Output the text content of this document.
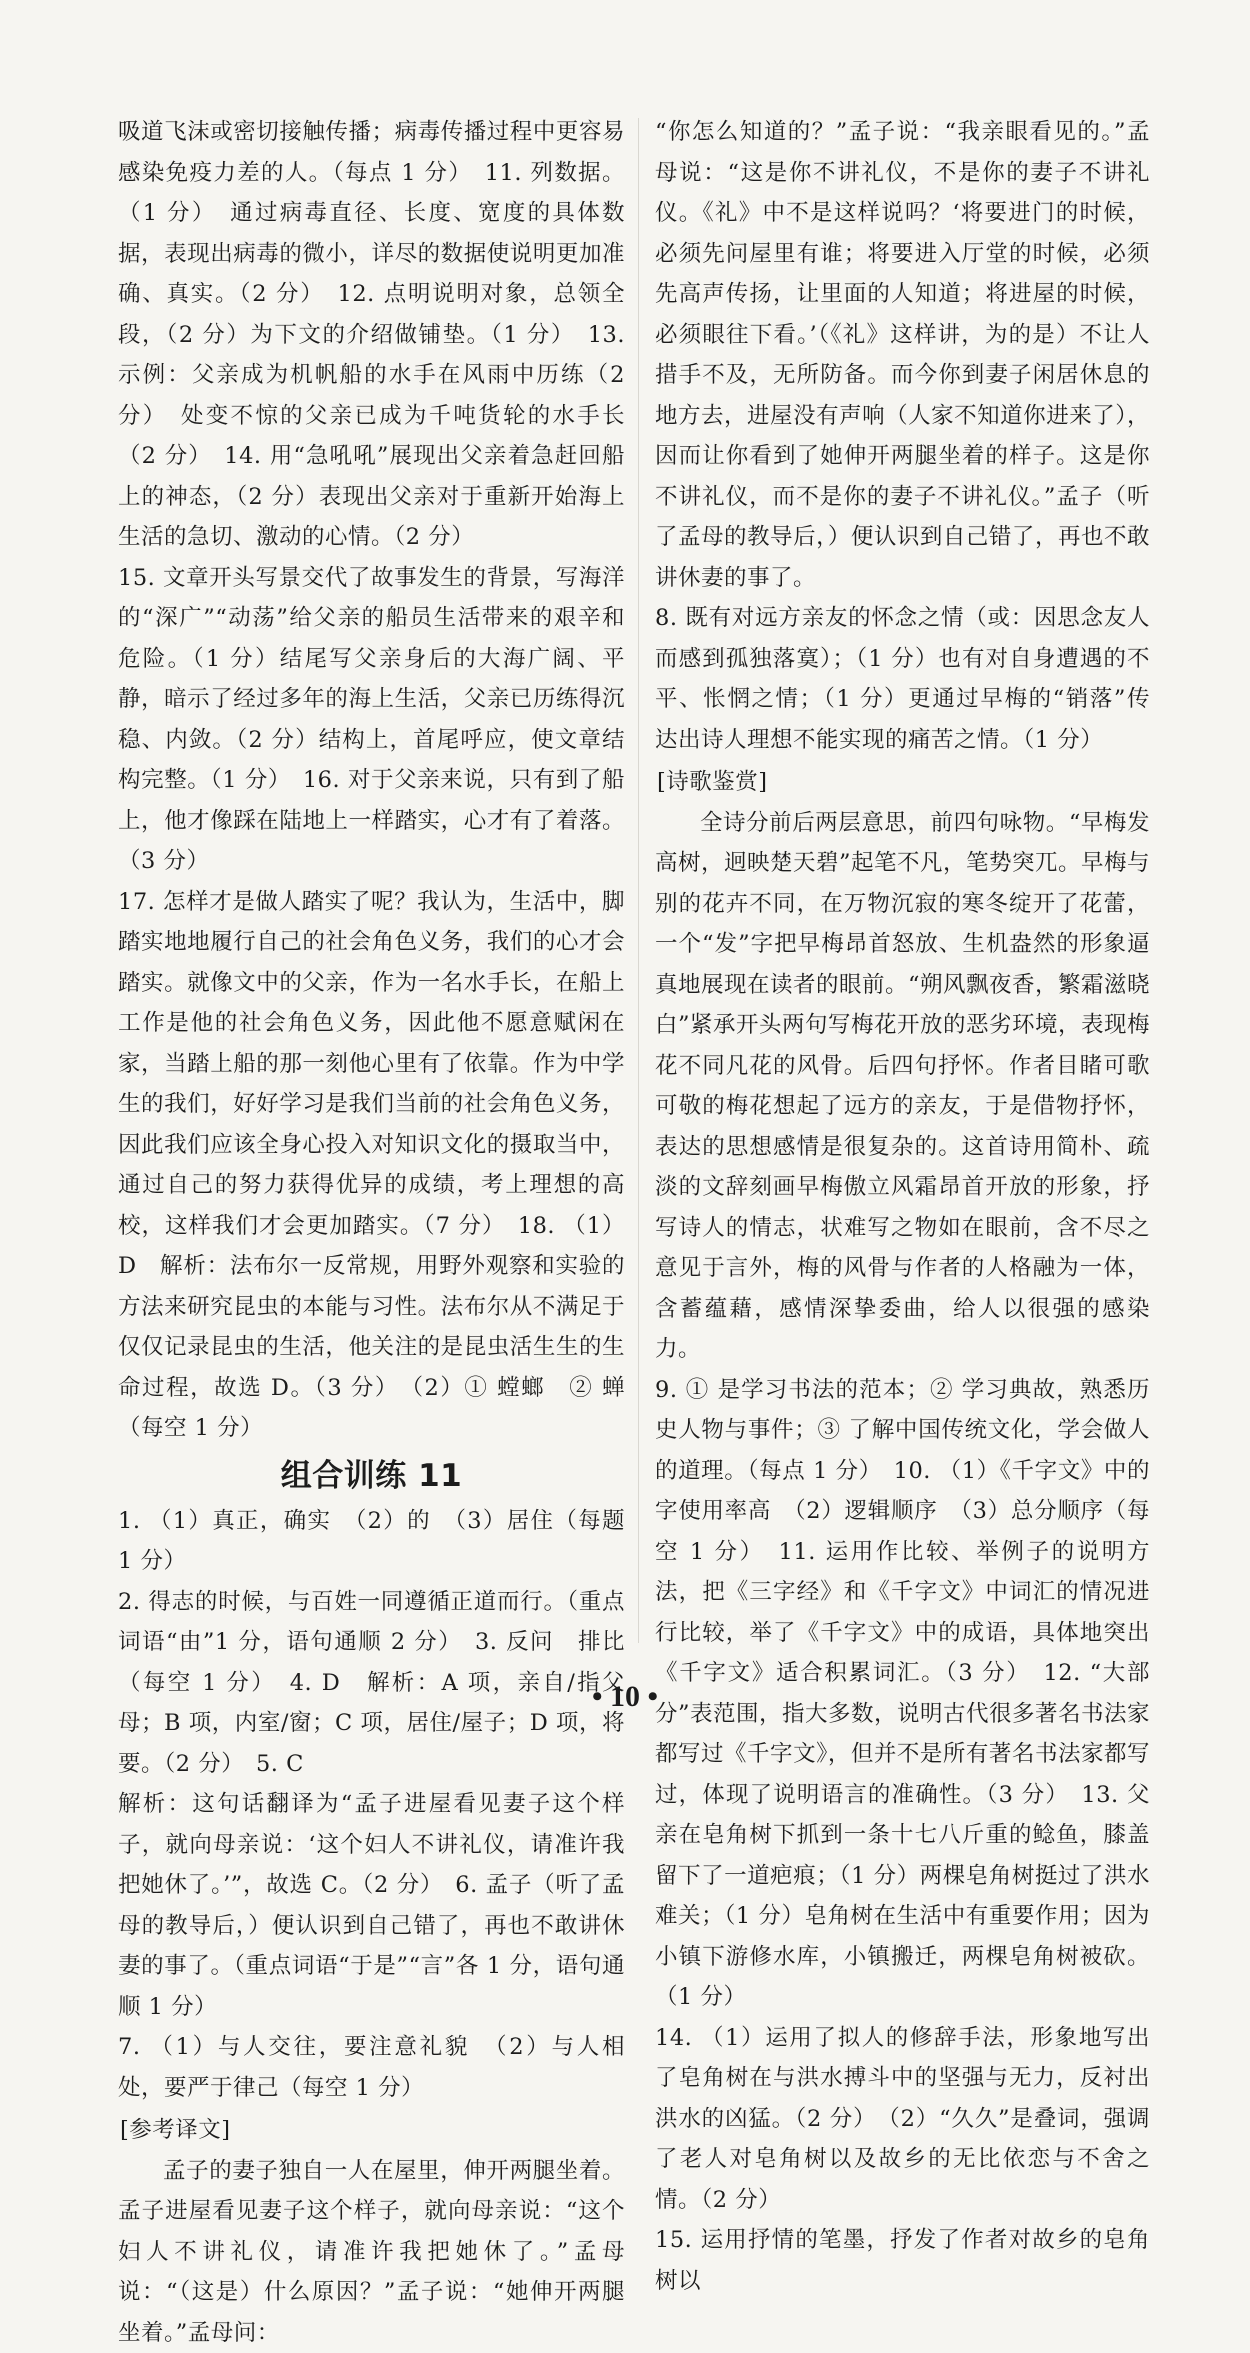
吸道飞沫或密切接触传播；病毒传播过程中更容易感染免疫力差的人。（每点 1 分）　11. 列数据。（1 分）　通过病毒直径、长度、宽度的具体数据，表现出病毒的微小，详尽的数据使说明更加准确、真实。（2 分）　12. 点明说明对象，总领全段，（2 分）为下文的介绍做铺垫。（1 分）　13. 示例：父亲成为机帆船的水手在风雨中历练（2 分）　处变不惊的父亲已成为千吨货轮的水手长（2 分）　14. 用“急吼吼”展现出父亲着急赶回船上的神态，（2 分）表现出父亲对于重新开始海上生活的急切、激动的心情。（2 分）

15. 文章开头写景交代了故事发生的背景，写海洋的“深广”“动荡”给父亲的船员生活带来的艰辛和危险。（1 分）结尾写父亲身后的大海广阔、平静，暗示了经过多年的海上生活，父亲已历练得沉稳、内敛。（2 分）结构上，首尾呼应，使文章结构完整。（1 分）　16. 对于父亲来说，只有到了船上，他才像踩在陆地上一样踏实，心才有了着落。（3 分）

17. 怎样才是做人踏实了呢？我认为，生活中，脚踏实地地履行自己的社会角色义务，我们的心才会踏实。就像文中的父亲，作为一名水手长，在船上工作是他的社会角色义务，因此他不愿意赋闲在家，当踏上船的那一刻他心里有了依靠。作为中学生的我们，好好学习是我们当前的社会角色义务，因此我们应该全身心投入对知识文化的摄取当中，通过自己的努力获得优异的成绩，考上理想的高校，这样我们才会更加踏实。（7 分）　18. （1）D　解析：法布尔一反常规，用野外观察和实验的方法来研究昆虫的本能与习性。法布尔从不满足于仅仅记录昆虫的生活，他关注的是昆虫活生生的生命过程，故选 D。（3 分）　（2）① 螳螂　② 蝉（每空 1 分）

组合训练 11

1. （1）真正，确实　（2）的　（3）居住（每题 1 分）

2. 得志的时候，与百姓一同遵循正道而行。（重点词语“由”1 分，语句通顺 2 分）　3. 反问　排比（每空 1 分）　4. D　解析：A 项，亲自/指父母；B 项，内室/窗；C 项，居住/屋子；D 项，将要。（2 分）　5. C

解析：这句话翻译为“孟子进屋看见妻子这个样子，就向母亲说：‘这个妇人不讲礼仪，请准许我把她休了。’”，故选 C。（2 分）　6. 孟子（听了孟母的教导后，）便认识到自己错了，再也不敢讲休妻的事了。（重点词语“于是”“言”各 1 分，语句通顺 1 分）

7. （1）与人交往，要注意礼貌　（2）与人相处，要严于律己（每空 1 分）

[参考译文]

孟子的妻子独自一人在屋里，伸开两腿坐着。孟子进屋看见妻子这个样子，就向母亲说：“这个妇人不讲礼仪，请准许我把她休了。”孟母说：“（这是）什么原因？”孟子说：“她伸开两腿坐着。”孟母问：

“你怎么知道的？”孟子说：“我亲眼看见的。”孟母说：“这是你不讲礼仪，不是你的妻子不讲礼仪。《礼》中不是这样说吗？‘将要进门的时候，必须先问屋里有谁；将要进入厅堂的时候，必须先高声传扬，让里面的人知道；将进屋的时候，必须眼往下看。’（《礼》这样讲，为的是）不让人措手不及，无所防备。而今你到妻子闲居休息的地方去，进屋没有声响（人家不知道你进来了），因而让你看到了她伸开两腿坐着的样子。这是你不讲礼仪，而不是你的妻子不讲礼仪。”孟子（听了孟母的教导后，）便认识到自己错了，再也不敢讲休妻的事了。

8. 既有对远方亲友的怀念之情（或：因思念友人而感到孤独落寞）；（1 分）也有对自身遭遇的不平、怅惘之情；（1 分）更通过早梅的“销落”传达出诗人理想不能实现的痛苦之情。（1 分）

[诗歌鉴赏]

全诗分前后两层意思，前四句咏物。“早梅发高树，迥映楚天碧”起笔不凡，笔势突兀。早梅与别的花卉不同，在万物沉寂的寒冬绽开了花蕾，一个“发”字把早梅昂首怒放、生机盎然的形象逼真地展现在读者的眼前。“朔风飘夜香，繁霜滋晓白”紧承开头两句写梅花开放的恶劣环境，表现梅花不同凡花的风骨。后四句抒怀。作者目睹可歌可敬的梅花想起了远方的亲友，于是借物抒怀，表达的思想感情是很复杂的。这首诗用简朴、疏淡的文辞刻画早梅傲立风霜昂首开放的形象，抒写诗人的情志，状难写之物如在眼前，含不尽之意见于言外，梅的风骨与作者的人格融为一体，含蓄蕴藉，感情深挚委曲，给人以很强的感染力。

9. ① 是学习书法的范本；② 学习典故，熟悉历史人物与事件；③ 了解中国传统文化，学会做人的道理。（每点 1 分）　10. （1）《千字文》中的字使用率高　（2）逻辑顺序　（3）总分顺序（每空 1 分）　11. 运用作比较、举例子的说明方法，把《三字经》和《千字文》中词汇的情况进行比较，举了《千字文》中的成语，具体地突出《千字文》适合积累词汇。（3 分）　12. “大部分”表范围，指大多数，说明古代很多著名书法家都写过《千字文》，但并不是所有著名书法家都写过，体现了说明语言的准确性。（3 分）　13. 父亲在皂角树下抓到一条十七八斤重的鲶鱼，膝盖留下了一道疤痕；（1 分）两棵皂角树挺过了洪水难关；（1 分）皂角树在生活中有重要作用；因为小镇下游修水库，小镇搬迁，两棵皂角树被砍。（1 分）

14. （1）运用了拟人的修辞手法，形象地写出了皂角树在与洪水搏斗中的坚强与无力，反衬出洪水的凶猛。（2 分）　（2）“久久”是叠词，强调了老人对皂角树以及故乡的无比依恋与不舍之情。（2 分）

15. 运用抒情的笔墨，抒发了作者对故乡的皂角树以

• 10 •
